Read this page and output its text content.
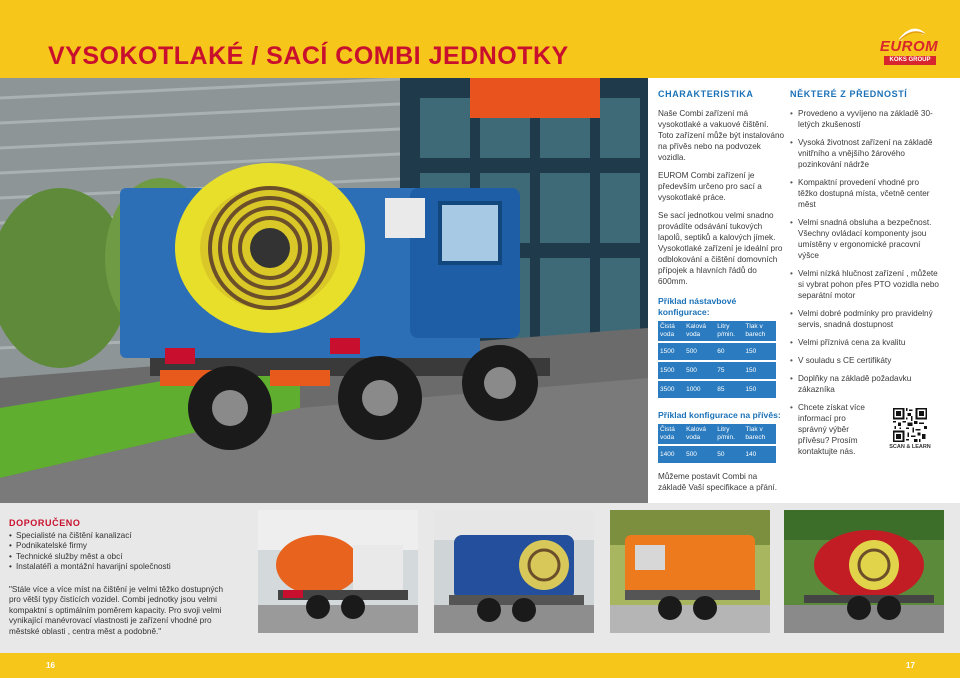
VYSOKOTLAKÉ / SACÍ COMBI JEDNOTKY	EUROM
KOKS GROUP
CHARAKTERISTIKA

Naše Combi zařízení má vysokotlaké a vakuové čištění. Toto zařízení může být instalováno na přívěs nebo na podvozek vozidla.

EUROM Combi zařízení je především určeno pro sací a vysokotlaké práce.

Se sací jednotkou velmi snadno provádíte odsávání tukových lapolů, septiků a kalových jímek. Vysokotlaké zařízení je ideální pro odblokování a čištění domovních přípojek a hlavních řádů do 600mm.

Příklad nástavbové konfigurace:
Čistá voda	Kalová voda	Litry p/min.	Tlak v barech
1500	500	60	150
1500	500	75	150
3500	1000	85	150
Příklad konfigurace na přívěs:
Čistá voda	Kalová voda	Litry p/min.	Tlak v barech
1400	500	50	140

Můžeme postavit Combi na základě Vaší specifikace a přání.

NĚKTERÉ Z PŘEDNOSTÍ
• Provedeno a vyvíjeno na základě 30-letých zkušeností
• Vysoká životnost zařízení na základě vnitřního a vnějšího žárového pozinkování nádrže
• Kompaktní provedení vhodné pro těžko dostupná místa, včetně center měst
• Velmi snadná obsluha a bezpečnost. Všechny ovládací komponenty jsou umístěny v ergonomické pracovní výšce
• Velmi nízká hlučnost zařízení , můžete si vybrat pohon přes PTO vozidla nebo separátní motor
• Velmi dobré podmínky pro pravidelný servis, snadná dostupnost
• Velmi příznivá cena za kvalitu
• V souladu s CE certifikáty
• Doplňky na základě požadavku zákazníka
• Chcete získat více informací pro správný výběr přívěsu? Prosím kontaktujte nás.	SCAN & LEARN
DOPORUČENO
• Specialisté na čištění kanalizací
• Podnikatelské firmy
• Technické služby měst a obcí
• Instalatéři a montážní havarijní společnosti

"Stále více a více míst na čištění je velmi těžko dostupných pro větší typy čistících vozidel. Combi jednotky jsou velmi kompaktní s optimálním poměrem kapacity. Pro svoji velmi vynikající manévrovací vlastnosti je zařízení vhodné pro městské oblasti , centra měst a podobně."

16	17
